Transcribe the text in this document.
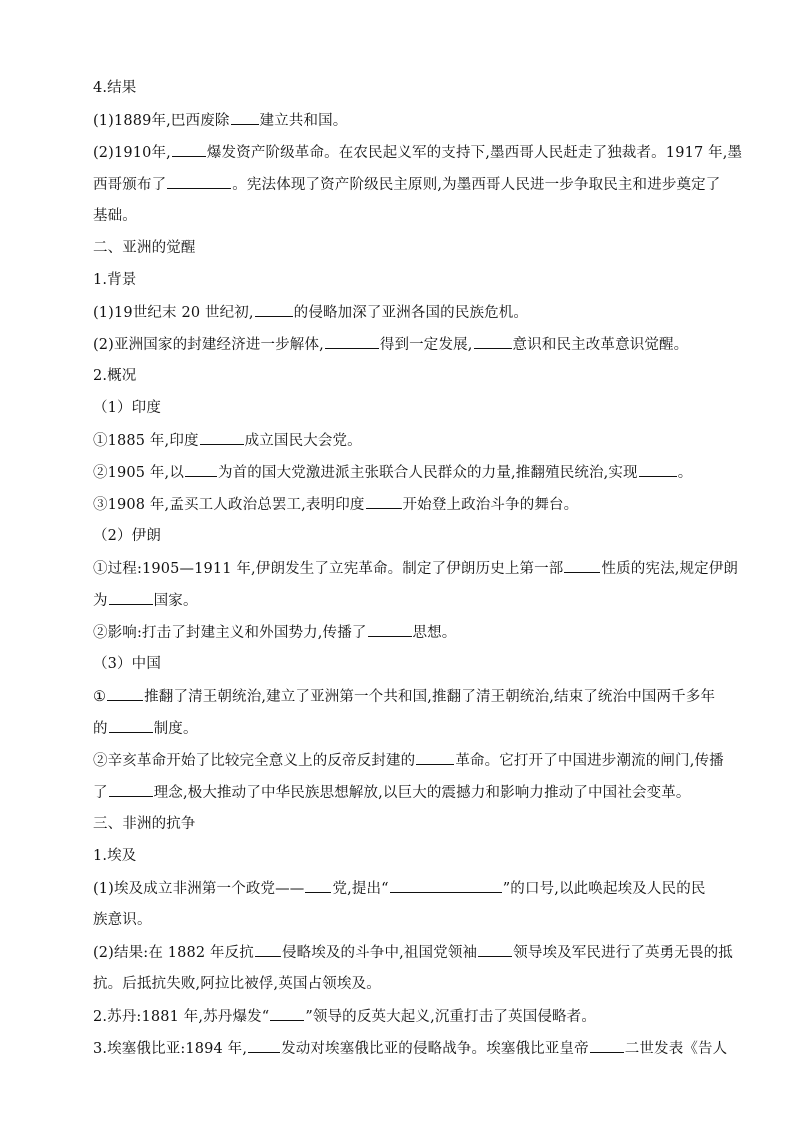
4.结果
(1)1889年,巴西废除 建立共和国。
(2)1910年, 爆发资产阶级革命。在农民起义军的支持下,墨西哥人民赶走了独裁者。1917 年,墨
西哥颁布了	。宪法体现了资产阶级民主原则,为墨西哥人民进一步争取民主和进步奠定了
基础。
二、亚洲的觉醒
1.背景
(1)19世纪末 20 世纪初,	的侵略加深了亚洲各国的民族危机。
(2)亚洲国家的封建经济进一步解体,	得到一定发展,	意识和民主改革意识觉醒。
2.概况
（1）印度
①1885 年,印度	成立国民大会党。
②1905 年,以 为首的国大党激进派主张联合人民群众的力量,推翻殖民统治,实现	。
③1908 年,孟买工人政治总罢工,表明印度	开始登上政治斗争的舞台。
（2）伊朗
①过程:1905—1911 年,伊朗发生了立宪革命。制定了伊朗历史上第一部	性质的宪法,规定伊朗
为	国家。
②影响:打击了封建主义和外国势力,传播了	思想。
（3）中国
①	推翻了清王朝统治,建立了亚洲第一个共和国,推翻了清王朝统治,结束了统治中国两千多年
的	制度。
②辛亥革命开始了比较完全意义上的反帝反封建的	革命。它打开了中国进步潮流的闸门,传播
了	理念,极大推动了中华民族思想解放,以巨大的震撼力和影响力推动了中国社会变革。
三、非洲的抗争
1.埃及
(1)埃及成立非洲第一个政党—— 党,提出“	”的口号,以此唤起埃及人民的民
族意识。
(2)结果:在 1882 年反抗 侵略埃及的斗争中,祖国党领袖 领导埃及军民进行了英勇无畏的抵
抗。后抵抗失败,阿拉比被俘,英国占领埃及。
2.苏丹:1881 年,苏丹爆发“ ”领导的反英大起义,沉重打击了英国侵略者。
3.埃塞俄比亚:1894 年, 发动对埃塞俄比亚的侵略战争。埃塞俄比亚皇帝 二世发表《告人
